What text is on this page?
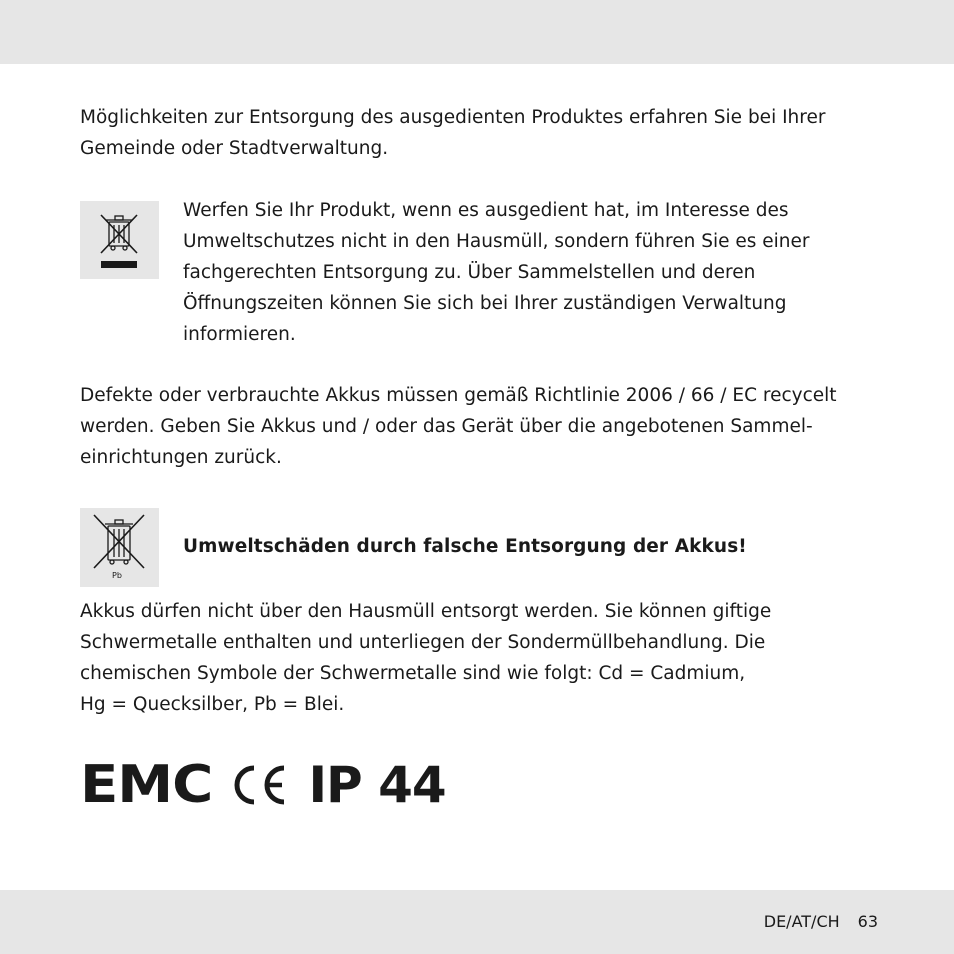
Möglichkeiten zur Entsorgung des ausgedienten Produktes erfahren Sie bei Ihrer
Gemeinde oder Stadtverwaltung.

Werfen Sie Ihr Produkt, wenn es ausgedient hat, im Interesse des
Umweltschutzes nicht in den Hausmüll, sondern führen Sie es einer
fachgerechten Entsorgung zu. Über Sammelstellen und deren
Öffnungszeiten können Sie sich bei Ihrer zuständigen Verwaltung
informieren.

Defekte oder verbrauchte Akkus müssen gemäß Richtlinie 2006 / 66 / EC recycelt
werden. Geben Sie Akkus und / oder das Gerät über die angebotenen Sammel-
einrichtungen zurück.

Pb
Umweltschäden durch falsche Entsorgung der Akkus!

Akkus dürfen nicht über den Hausmüll entsorgt werden. Sie können giftige
Schwermetalle enthalten und unterliegen der Sondermüllbehandlung. Die
chemischen Symbole der Schwermetalle sind wie folgt: Cd = Cadmium,
Hg = Quecksilber, Pb = Blei.

EMC IP 44
DE/AT/CH 63
